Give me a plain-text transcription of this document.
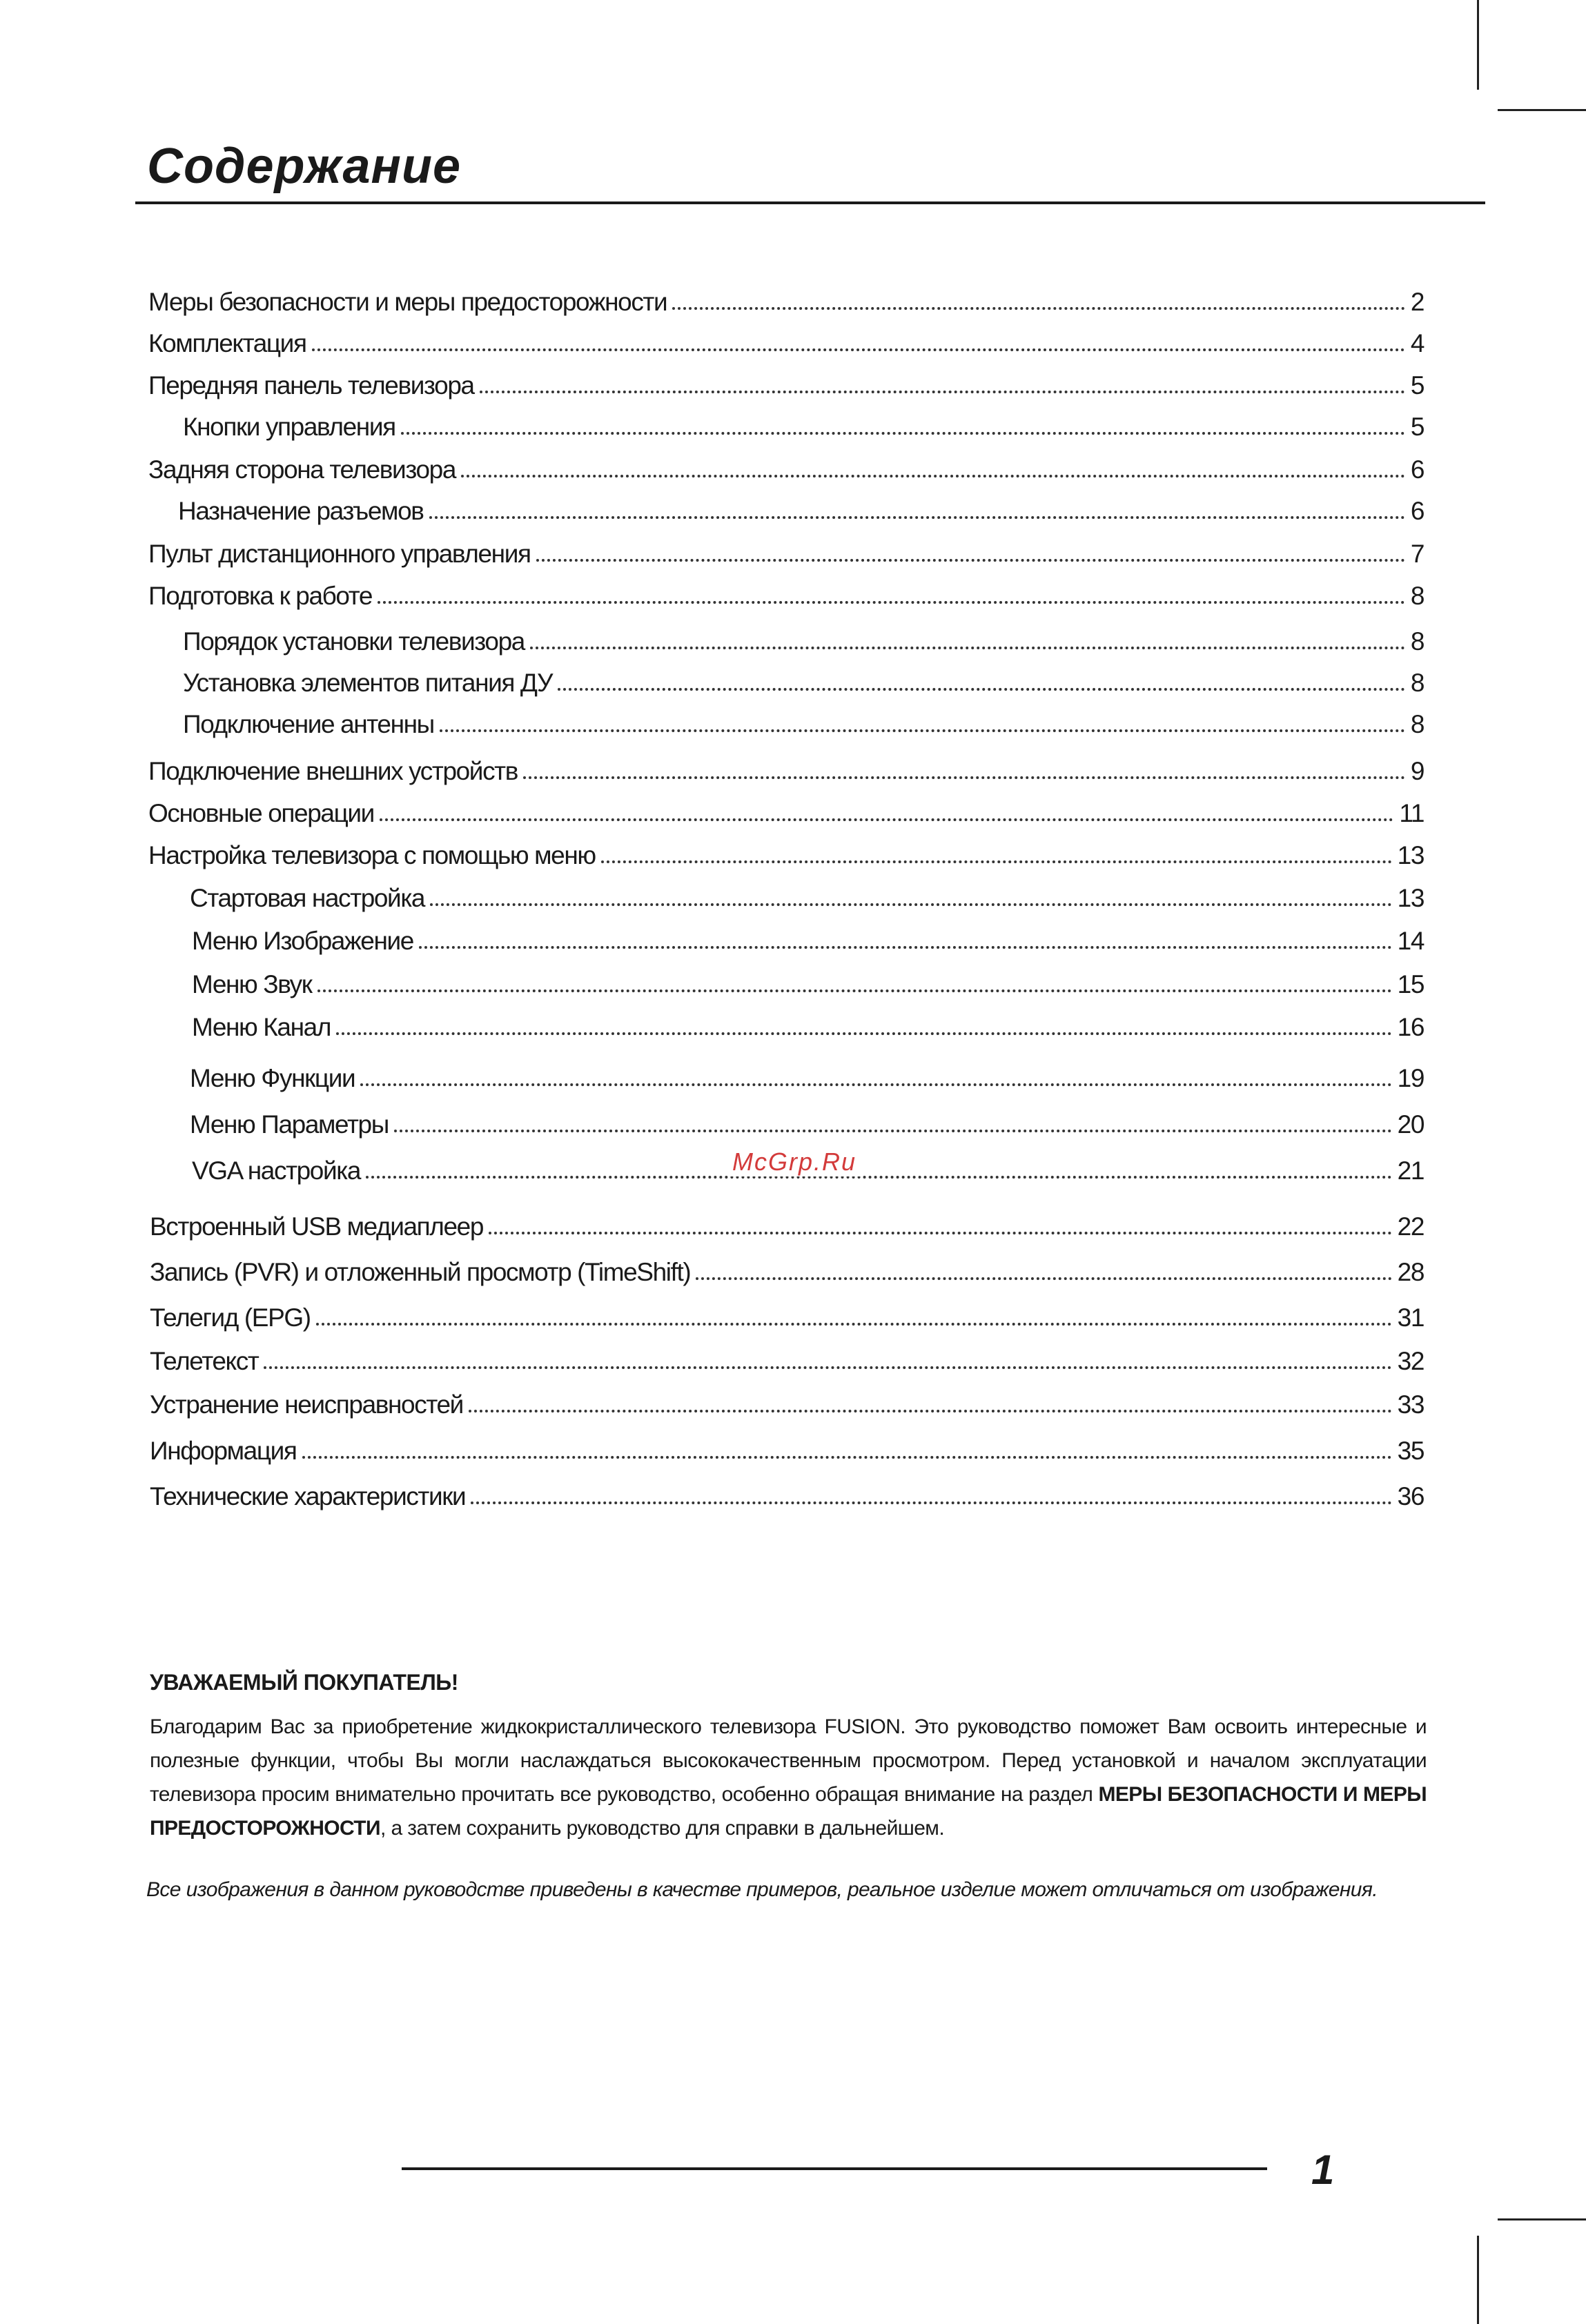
Содержание
Меры безопасности и меры предосторожности	2
Комплектация	4
Передняя панель телевизора	5
Кнопки управления	5
Задняя сторона телевизора	6
Назначение разъемов	6
Пульт дистанционного управления	7
Подготовка к работе	8
Порядок установки телевизора	8
Установка элементов питания ДУ	8
Подключение антенны	8
Подключение внешних устройств	9
Основные операции	11
Настройка телевизора с помощью меню	13
Стартовая настройка	13
Меню Изображение	14
Меню Звук	15
Меню Канал	16
Меню Функции	19
Меню Параметры	20
VGA настройка	21
Встроенный USB медиаплеер	22
Запись (PVR) и отложенный просмотр (TimeShift)	28
Телегид (EPG)	31
Телетекст	32
Устранение неисправностей	33
Информация	35
Технические характеристики	36
McGrp.Ru
УВАЖАЕМЫЙ ПОКУПАТЕЛЬ!
Благодарим Вас за приобретение жидкокристаллического телевизора FUSION. Это руководство поможет Вам освоить интересные и полезные функции, чтобы Вы могли наслаждаться высококачественным просмотром. Перед установкой и началом эксплуатации телевизора просим внимательно прочитать все руководство, особенно обращая внимание на раздел МЕРЫ БЕЗОПАСНОСТИ И МЕРЫ ПРЕДОСТОРОЖНОСТИ, а затем сохранить руководство для справки в дальнейшем.
Все изображения в данном руководстве приведены в качестве примеров, реальное изделие может отличаться от изображения.
1
